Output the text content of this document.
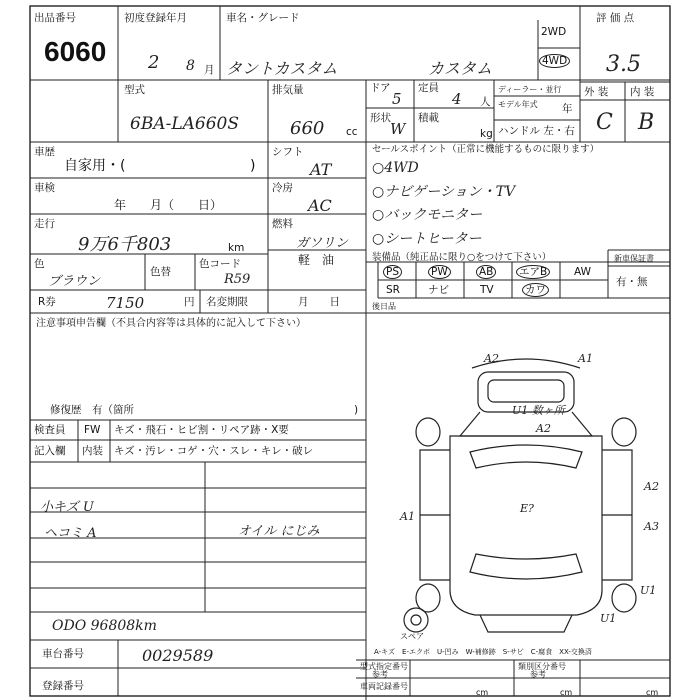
出品番号
6060
初度登録年月
2 8 月
車名・グレード
タントカスタム	カスタム
2WD
4WD
評 価 点
3.5
外 装 内 装
C B
型式
6BA-LA660S
排気量
660 cc
ドア
5
定員
4 人
形状
W
積載
kg
ディーラー・並行
モデル年式 年
ハンドル 左・右
車歴
自家用・(	)
シフト
AT
車検
年　　月（　　日）
冷房
AC
走行
9万6千803	km
燃料
ガソリン
軽　油
色
ブラウン
色替
色コード
R59
R券	7150	円 名変期限	月　　日
セールスポイント（正常に機能するものに限ります）
○4WD
○ナビゲーション・TV
○バックモニター
○シートヒーター
装備品（純正品に限り○をつけて下さい）
PS	PW	AB エアB	AW
SR	ナビ	TV	カワ
新車保証書
有・無
後日品
注意事項申告欄（不具合内容等は具体的に記入して下さい）
修復歴　有（箇所	)
検査員
記入欄
FW キズ・飛石・ヒビ割・リペア跡・X要
内装 キズ・汚レ・コゲ・穴・スレ・キレ・破レ
小キズ U
ヘコミ A	オイル にじみ
ODO 96808km
A2	A1
U1 数ヶ所
A2
E?
A1
A2
A3
U1
U1
スペア
A-キズ　E-エクボ　U-凹み　W-補修跡　S-サビ　C-腐食　XX-交換済
車台番号	0029589
登録番号
型式指定番号
参考
類別区分番号
参考
車両記録番号
cm	cm	cm
